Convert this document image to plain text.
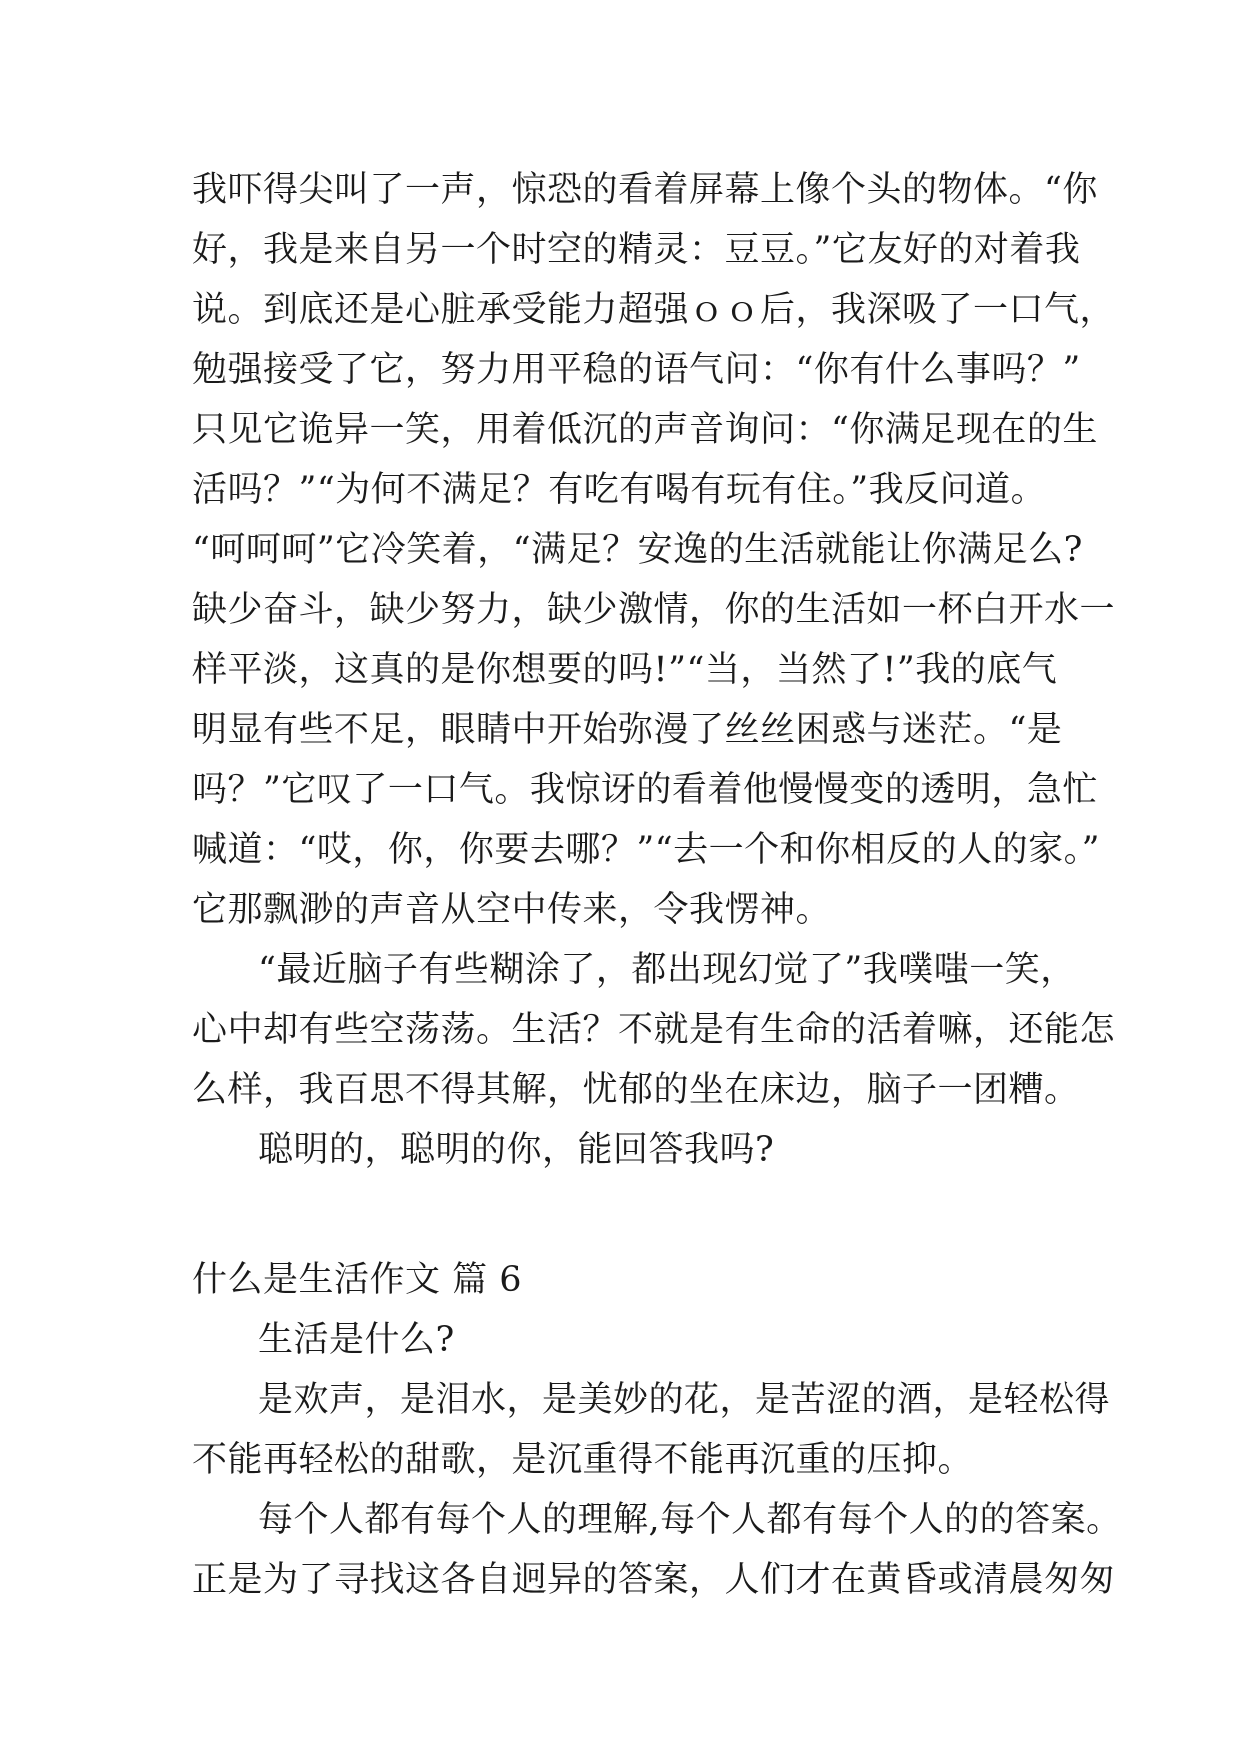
我吓得尖叫了一声，惊恐的看着屏幕上像个头的物体。“你
好，我是来自另一个时空的精灵：豆豆。”它友好的对着我
说。到底还是心脏承受能力超强ｏｏ后，我深吸了一口气，
勉强接受了它，努力用平稳的语气问：“你有什么事吗？”
只见它诡异一笑，用着低沉的声音询问：“你满足现在的生
活吗？”“为何不满足？有吃有喝有玩有住。”我反问道。
“呵呵呵”它冷笑着，“满足？安逸的生活就能让你满足么?
缺少奋斗，缺少努力，缺少激情，你的生活如一杯白开水一
样平淡，这真的是你想要的吗!”“当，当然了!”我的底气
明显有些不足，眼睛中开始弥漫了丝丝困惑与迷茫。“是
吗？”它叹了一口气。我惊讶的看着他慢慢变的透明，急忙
喊道：“哎，你，你要去哪？”“去一个和你相反的人的家。”
它那飘渺的声音从空中传来，令我愣神。
“最近脑子有些糊涂了，都出现幻觉了”我噗嗤一笑，
心中却有些空荡荡。生活？不就是有生命的活着嘛，还能怎
么样，我百思不得其解，忧郁的坐在床边，脑子一团糟。
聪明的，聪明的你，能回答我吗?
什么是生活作文 篇 6
生活是什么?
是欢声，是泪水，是美妙的花，是苦涩的酒，是轻松得
不能再轻松的甜歌，是沉重得不能再沉重的压抑。
每个人都有每个人的理解,每个人都有每个人的的答案。
正是为了寻找这各自迥异的答案，人们才在黄昏或清晨匆匆
